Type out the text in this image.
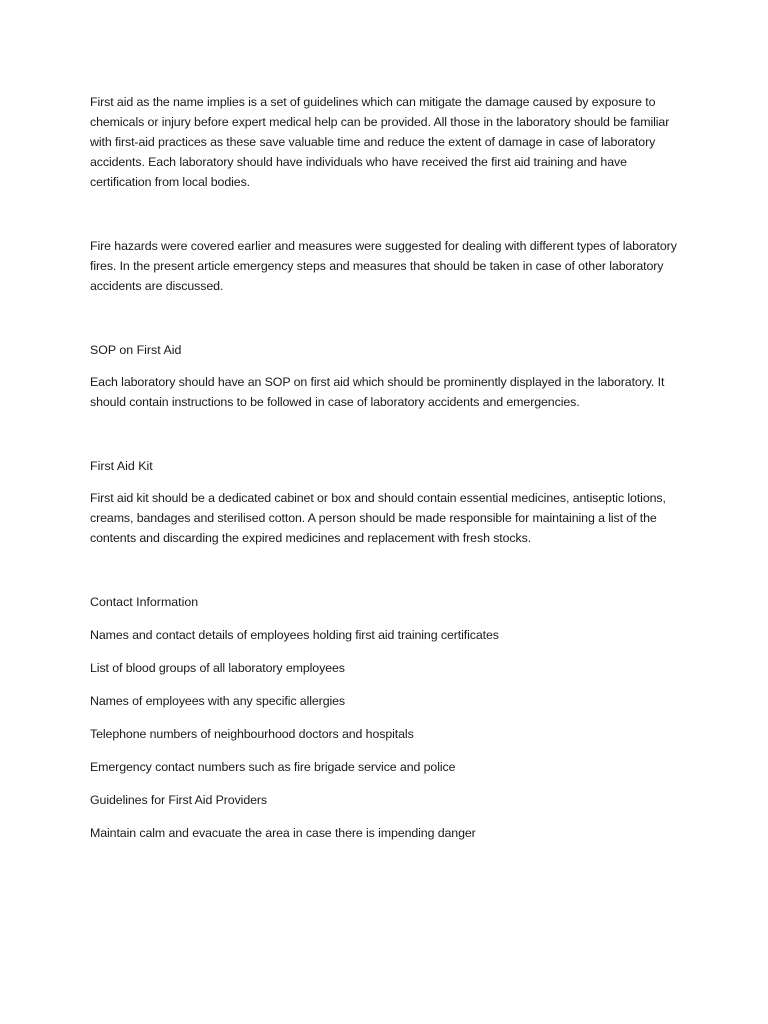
First aid as the name implies is a set of guidelines which can mitigate the damage caused by exposure to chemicals or injury before expert medical help can be provided. All those in the laboratory should be familiar with first-aid practices as these save valuable time and reduce the extent of damage in case of laboratory accidents. Each laboratory should have individuals who have received the first aid training and have certification from local bodies.

Fire hazards were covered earlier and measures were suggested for dealing with different types of laboratory fires. In the present article emergency steps and measures that should be taken in case of other laboratory accidents are discussed.

SOP on First Aid

Each laboratory should have an SOP on first aid which should be prominently displayed in the laboratory. It should contain instructions to be followed in case of laboratory accidents and emergencies.

First Aid Kit

First aid kit should be a dedicated cabinet or box and should contain essential medicines, antiseptic lotions, creams, bandages and sterilised cotton. A person should be made responsible for maintaining a list of the contents and discarding the expired medicines and replacement with fresh stocks.

Contact Information

Names and contact details of employees holding first aid training certificates

List of blood groups of all laboratory employees

Names of employees with any specific allergies

Telephone numbers of neighbourhood doctors and hospitals

Emergency contact numbers such as fire brigade service and police

Guidelines for First Aid Providers

Maintain calm and evacuate the area in case there is impending danger
